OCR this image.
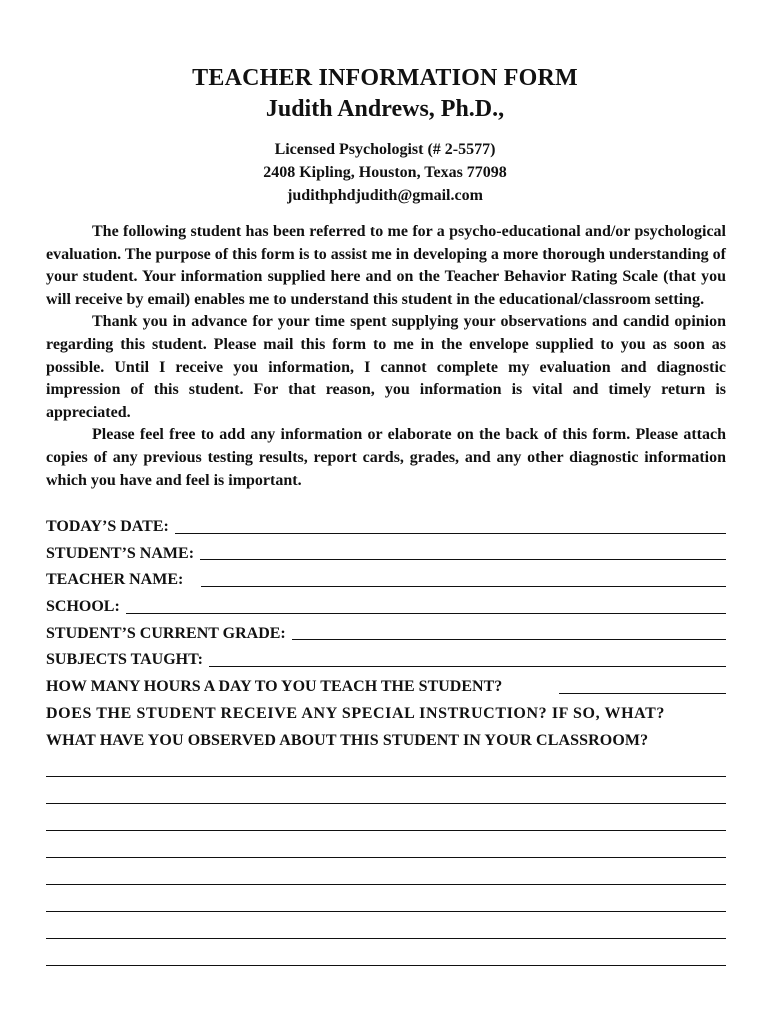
TEACHER INFORMATION FORM
Judith Andrews, Ph.D.,
Licensed Psychologist (# 2-5577)
2408 Kipling, Houston, Texas 77098
judithphdjudith@gmail.com

The following student has been referred to me for a psycho-educational and/or psychological evaluation. The purpose of this form is to assist me in developing a more thorough understanding of your student. Your information supplied here and on the Teacher Behavior Rating Scale (that you will receive by email) enables me to understand this student in the educational/classroom setting.

Thank you in advance for your time spent supplying your observations and candid opinion regarding this student. Please mail this form to me in the envelope supplied to you as soon as possible. Until I receive you information, I cannot complete my evaluation and diagnostic impression of this student. For that reason, you information is vital and timely return is appreciated.

Please feel free to add any information or elaborate on the back of this form. Please attach copies of any previous testing results, report cards, grades, and any other diagnostic information which you have and feel is important.

TODAY’S DATE:
STUDENT’S NAME:
TEACHER NAME:
SCHOOL:
STUDENT’S CURRENT GRADE:
SUBJECTS TAUGHT:
HOW MANY HOURS A DAY TO YOU TEACH THE STUDENT?
DOES THE STUDENT RECEIVE ANY SPECIAL INSTRUCTION? IF SO, WHAT?
WHAT HAVE YOU OBSERVED ABOUT THIS STUDENT IN YOUR CLASSROOM?
